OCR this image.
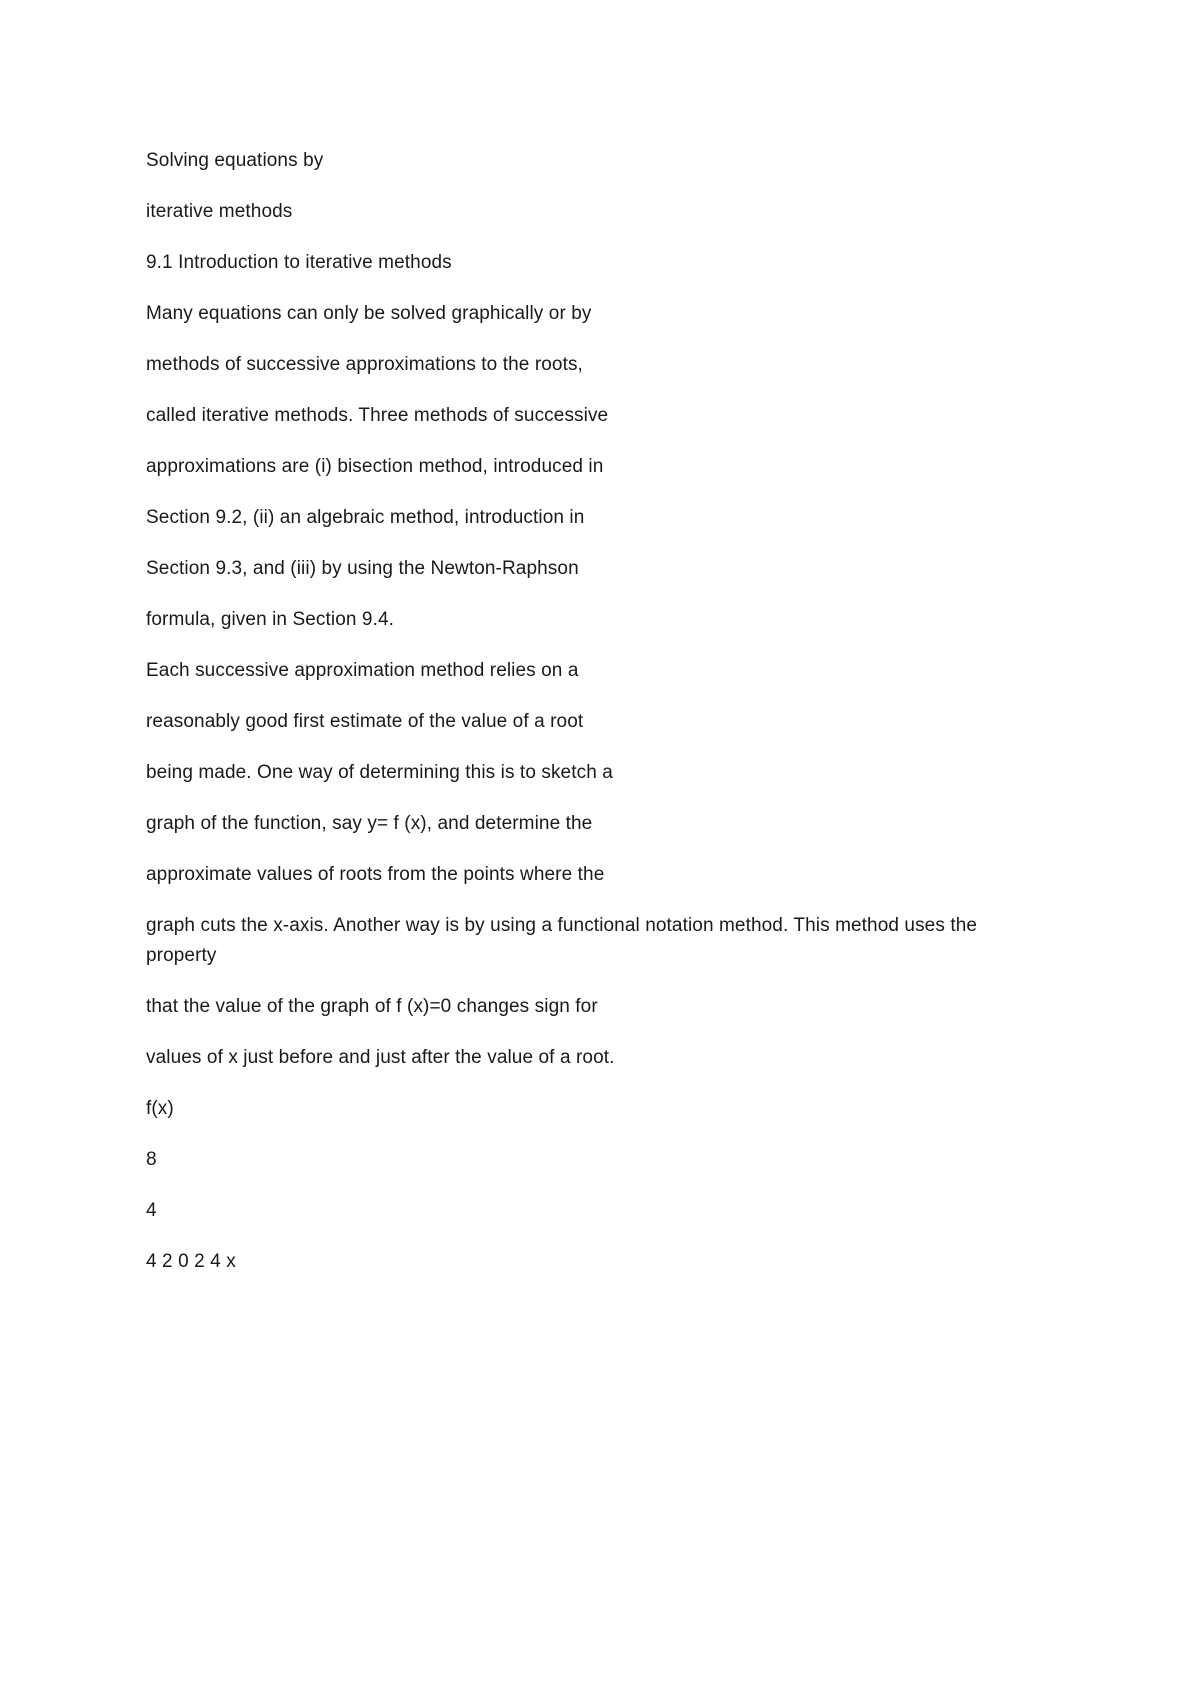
Solving equations by
iterative methods
9.1 Introduction to iterative methods
Many equations can only be solved graphically or by
methods of successive approximations to the roots,
called iterative methods. Three methods of successive
approximations are (i) bisection method, introduced in
Section 9.2, (ii) an algebraic method, introduction in
Section 9.3, and (iii) by using the Newton-Raphson
formula, given in Section 9.4.
Each successive approximation method relies on a
reasonably good first estimate of the value of a root
being made. One way of determining this is to sketch a
graph of the function, say y= f (x), and determine the
approximate values of roots from the points where the
graph cuts the x-axis. Another way is by using a functional notation method. This method uses the property
that the value of the graph of f (x)=0 changes sign for
values of x just before and just after the value of a root.
f(x)
8
4
4 2 0 2 4 x
